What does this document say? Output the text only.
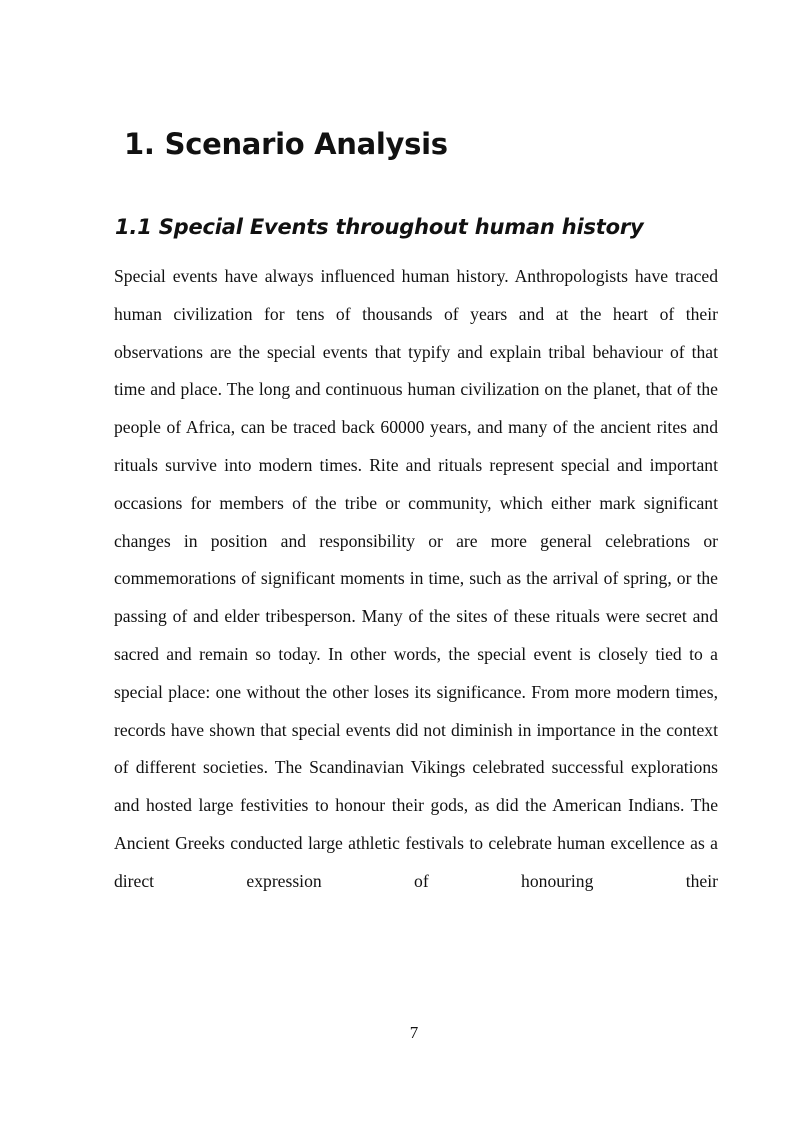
1. Scenario Analysis
1.1 Special Events throughout human history

Special events have always influenced human history. Anthropologists have traced human civilization for tens of thousands of years and at the heart of their observations are the special events that typify and explain tribal behaviour of that time and place. The long and continuous human civilization on the planet, that of the people of Africa, can be traced back 60000 years, and many of the ancient rites and rituals survive into modern times. Rite and rituals represent special and important occasions for members of the tribe or community, which either mark significant changes in position and responsibility or are more general celebrations or commemorations of significant moments in time, such as the arrival of spring, or the passing of and elder tribesperson. Many of the sites of these rituals were secret and sacred and remain so today. In other words, the special event is closely tied to a special place: one without the other loses its significance. From more modern times, records have shown that special events did not diminish in importance in the context of different societies. The Scandinavian Vikings celebrated successful explorations and hosted large festivities to honour their gods, as did the American Indians. The Ancient Greeks conducted large athletic festivals to celebrate human excellence as a direct expression of honouring their

7
